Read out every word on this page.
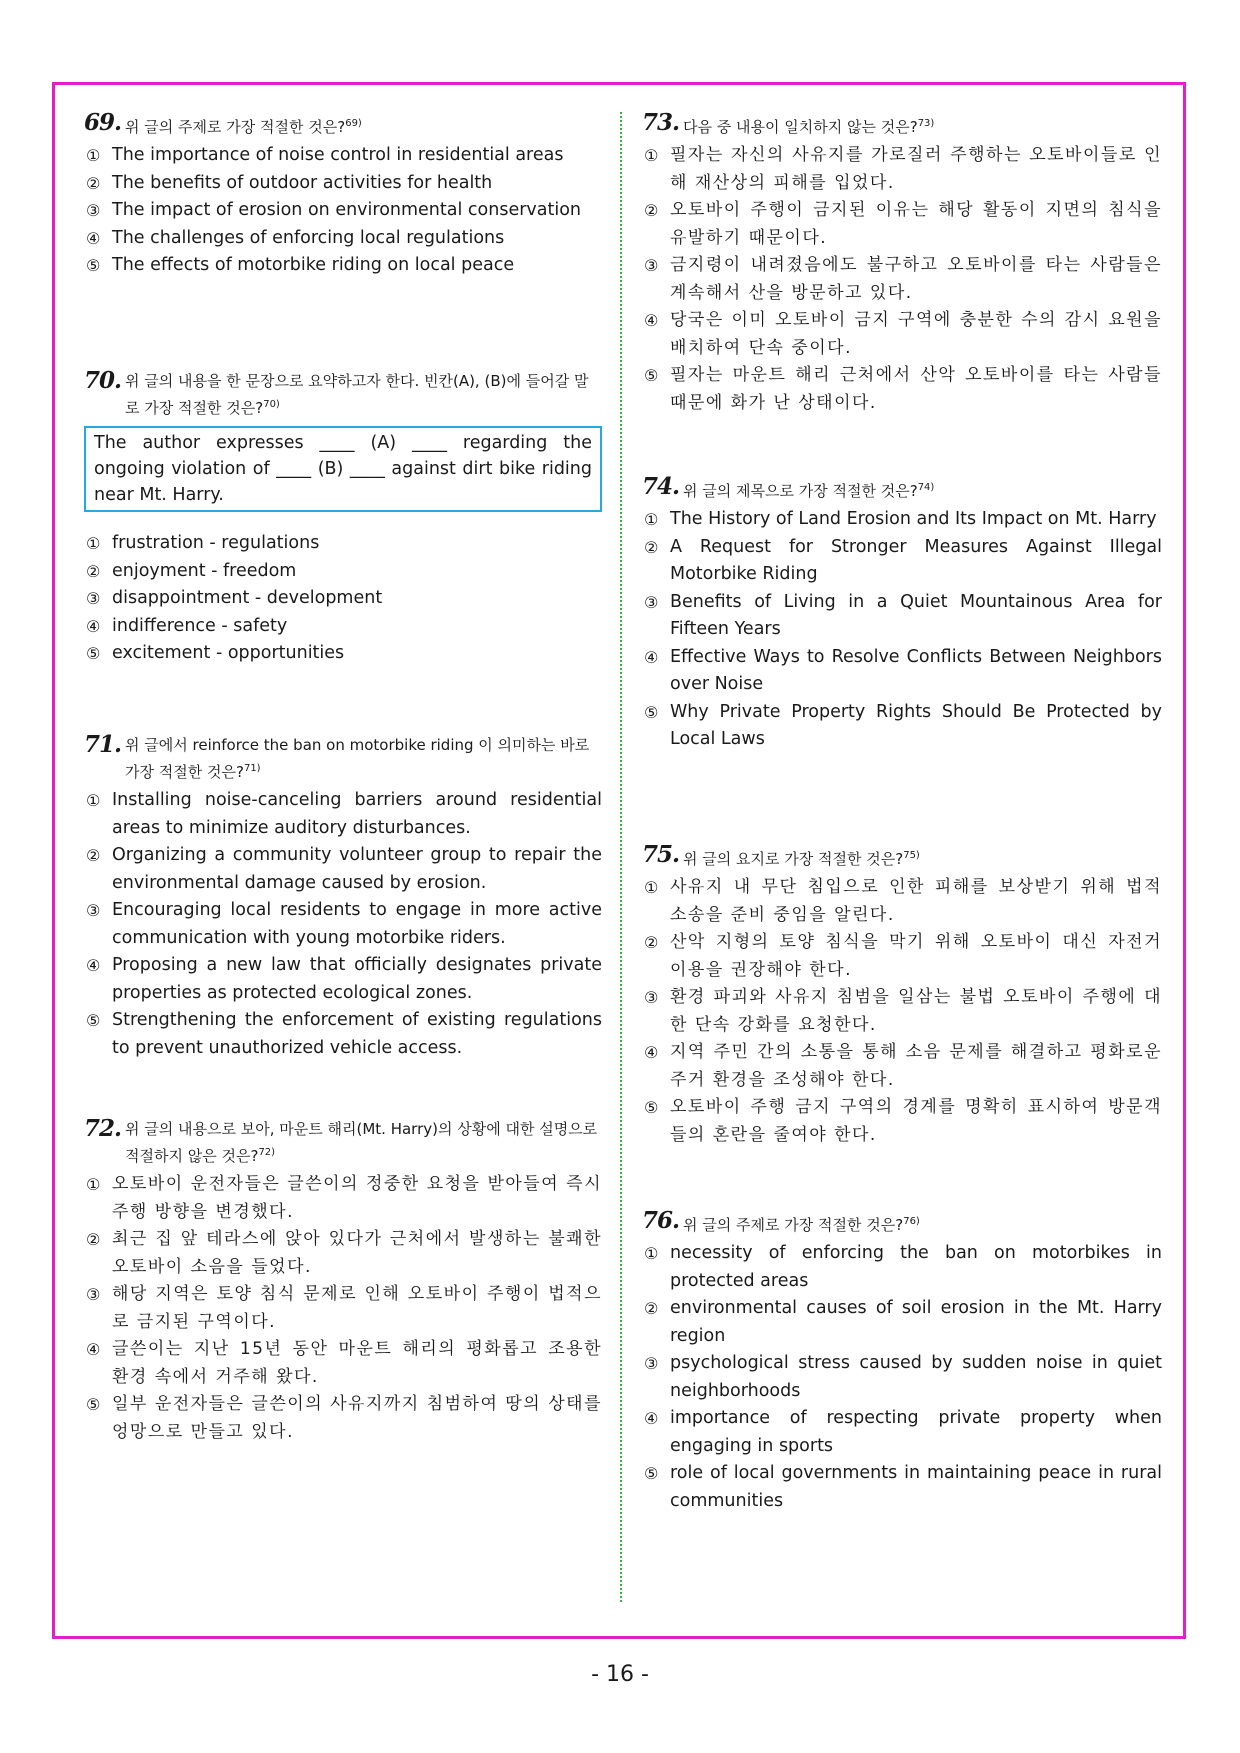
69. 위 글의 주제로 가장 적절한 것은?$^{69)}$
① The importance of noise control in residential areas
② The benefits of outdoor activities for health
③ The impact of erosion on environmental conservation
④ The challenges of enforcing local regulations
⑤ The effects of motorbike riding on local peace
70. 위 글의 내용을 한 문장으로 요약하고자 한다. 빈칸(A), (B)에 들어갈 말로 가장 적절한 것은?$^{70)}$
The author expresses ____ (A) ____ regarding the ongoing violation of ____ (B) ____ against dirt bike riding near Mt. Harry.
① frustration - regulations
② enjoyment - freedom
③ disappointment - development
④ indifference - safety
⑤ excitement - opportunities
71. 위 글에서 reinforce the ban on motorbike riding 이 의미하는 바로 가장 적절한 것은?$^{71)}$
① Installing noise-canceling barriers around residential areas to minimize auditory disturbances.
② Organizing a community volunteer group to repair the environmental damage caused by erosion.
③ Encouraging local residents to engage in more active communication with young motorbike riders.
④ Proposing a new law that officially designates private properties as protected ecological zones.
⑤ Strengthening the enforcement of existing regulations to prevent unauthorized vehicle access.
72. 위 글의 내용으로 보아, 마운트 해리(Mt. Harry)의 상황에 대한 설명으로 적절하지 않은 것은?$^{72)}$
① 오토바이 운전자들은 글쓴이의 정중한 요청을 받아들여 즉시 주행 방향을 변경했다.
② 최근 집 앞 테라스에 앉아 있다가 근처에서 발생하는 불쾌한 오토바이 소음을 들었다.
③ 해당 지역은 토양 침식 문제로 인해 오토바이 주행이 법적으로 금지된 구역이다.
④ 글쓴이는 지난 15년 동안 마운트 해리의 평화롭고 조용한 환경 속에서 거주해 왔다.
⑤ 일부 운전자들은 글쓴이의 사유지까지 침범하여 땅의 상태를 엉망으로 만들고 있다.
73. 다음 중 내용이 일치하지 않는 것은?$^{73)}$
① 필자는 자신의 사유지를 가로질러 주행하는 오토바이들로 인해 재산상의 피해를 입었다.
② 오토바이 주행이 금지된 이유는 해당 활동이 지면의 침식을 유발하기 때문이다.
③ 금지령이 내려졌음에도 불구하고 오토바이를 타는 사람들은 계속해서 산을 방문하고 있다.
④ 당국은 이미 오토바이 금지 구역에 충분한 수의 감시 요원을 배치하여 단속 중이다.
⑤ 필자는 마운트 해리 근처에서 산악 오토바이를 타는 사람들 때문에 화가 난 상태이다.
74. 위 글의 제목으로 가장 적절한 것은?$^{74)}$
① The History of Land Erosion and Its Impact on Mt. Harry
② A Request for Stronger Measures Against Illegal Motorbike Riding
③ Benefits of Living in a Quiet Mountainous Area for Fifteen Years
④ Effective Ways to Resolve Conflicts Between Neighbors over Noise
⑤ Why Private Property Rights Should Be Protected by Local Laws
75. 위 글의 요지로 가장 적절한 것은?$^{75)}$
① 사유지 내 무단 침입으로 인한 피해를 보상받기 위해 법적 소송을 준비 중임을 알린다.
② 산악 지형의 토양 침식을 막기 위해 오토바이 대신 자전거 이용을 권장해야 한다.
③ 환경 파괴와 사유지 침범을 일삼는 불법 오토바이 주행에 대한 단속 강화를 요청한다.
④ 지역 주민 간의 소통을 통해 소음 문제를 해결하고 평화로운 주거 환경을 조성해야 한다.
⑤ 오토바이 주행 금지 구역의 경계를 명확히 표시하여 방문객들의 혼란을 줄여야 한다.
76. 위 글의 주제로 가장 적절한 것은?$^{76)}$
① necessity of enforcing the ban on motorbikes in protected areas
② environmental causes of soil erosion in the Mt. Harry region
③ psychological stress caused by sudden noise in quiet neighborhoods
④ importance of respecting private property when engaging in sports
⑤ role of local governments in maintaining peace in rural communities
- 16 -
